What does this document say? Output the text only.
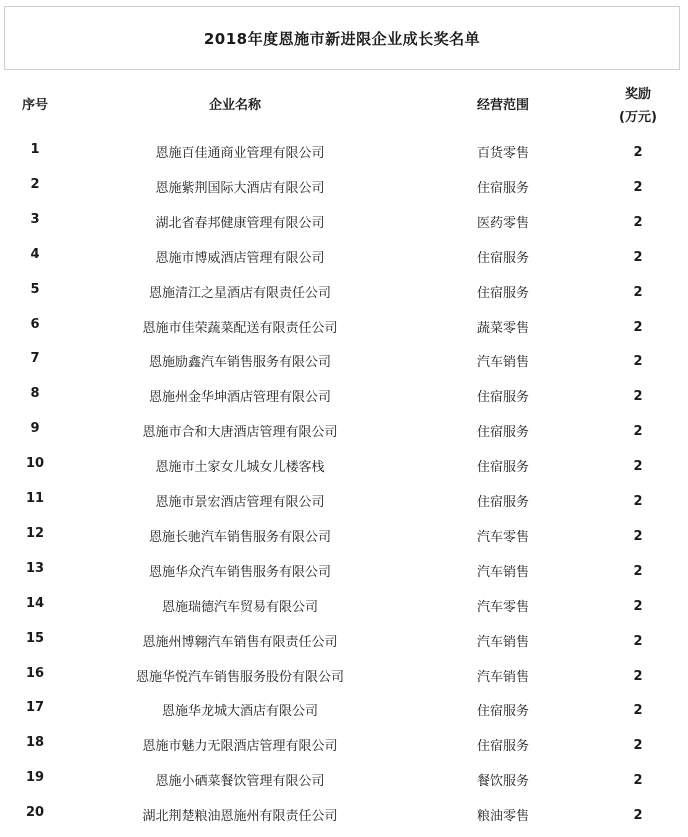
2018年度恩施市新进限企业成长奖名单
序号	企业名称	经营范围
奖励
(万元)
1	恩施百佳通商业管理有限公司	百货零售	2
2	恩施紫荆国际大酒店有限公司	住宿服务	2
3	湖北省春邦健康管理有限公司	医药零售	2
4	恩施市博威酒店管理有限公司	住宿服务	2
5	恩施清江之星酒店有限责任公司	住宿服务	2
6	恩施市佳荣蔬菜配送有限责任公司	蔬菜零售	2
7	恩施励鑫汽车销售服务有限公司	汽车销售	2
8	恩施州金华坤酒店管理有限公司	住宿服务	2
9	恩施市合和大唐酒店管理有限公司	住宿服务	2
10	恩施市土家女儿城女儿楼客栈	住宿服务	2
11	恩施市景宏酒店管理有限公司	住宿服务	2
12	恩施长驰汽车销售服务有限公司	汽车零售	2
13	恩施华众汽车销售服务有限公司	汽车销售	2
14	恩施瑞德汽车贸易有限公司	汽车零售	2
15	恩施州博翱汽车销售有限责任公司	汽车销售	2
16	恩施华悦汽车销售服务股份有限公司	汽车销售	2
17	恩施华龙城大酒店有限公司	住宿服务	2
18	恩施市魅力无限酒店管理有限公司	住宿服务	2
19	恩施小硒菜餐饮管理有限公司	餐饮服务	2
20	湖北荆楚粮油恩施州有限责任公司	粮油零售	2
